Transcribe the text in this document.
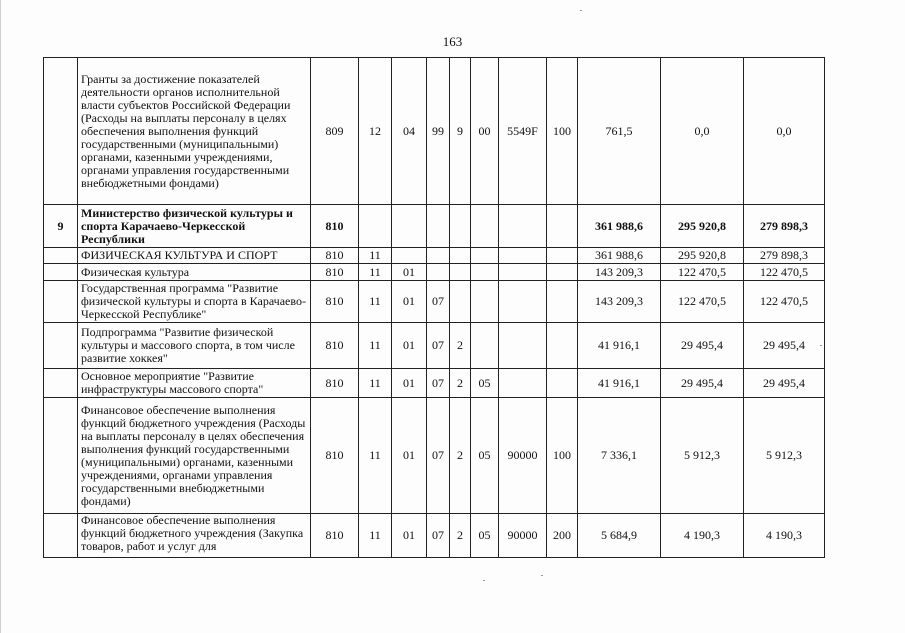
163
	Гранты за достижение показателей деятельности органов исполнительной власти субъектов Российской Федерации (Расходы на выплаты персоналу в целях обеспечения выполнения функций государственными (муниципальными) органами, казенными учреждениями, органами управления государственными внебюджетными фондами)	809	12	04	99	9	00	5549F	100	761,5	0,0	0,0
9	Министерство физической культуры и спорта Карачаево-Черкесской Республики	810								361 988,6	295 920,8	279 898,3
	ФИЗИЧЕСКАЯ КУЛЬТУРА И СПОРТ	810	11							361 988,6	295 920,8	279 898,3
	Физическая культура	810	11	01						143 209,3	122 470,5	122 470,5
	Государственная программа "Развитие физической культуры и спорта в Карачаево-Черкесской Республике"	810	11	01	07					143 209,3	122 470,5	122 470,5
	Подпрограмма "Развитие физической культуры и массового спорта, в том числе развитие хоккея"	810	11	01	07	2				41 916,1	29 495,4	29 495,4
	Основное мероприятие "Развитие инфраструктуры массового спорта"	810	11	01	07	2	05			41 916,1	29 495,4	29 495,4
	Финансовое обеспечение выполнения функций бюджетного учреждения (Расходы на выплаты персоналу в целях обеспечения выполнения функций государственными (муниципальными) органами, казенными учреждениями, органами управления государственными внебюджетными фондами)	810	11	01	07	2	05	90000	100	7 336,1	5 912,3	5 912,3
	Финансовое обеспечение выполнения функций бюджетного учреждения (Закупка товаров, работ и услуг для	810	11	01	07	2	05	90000	200	5 684,9	4 190,3	4 190,3
